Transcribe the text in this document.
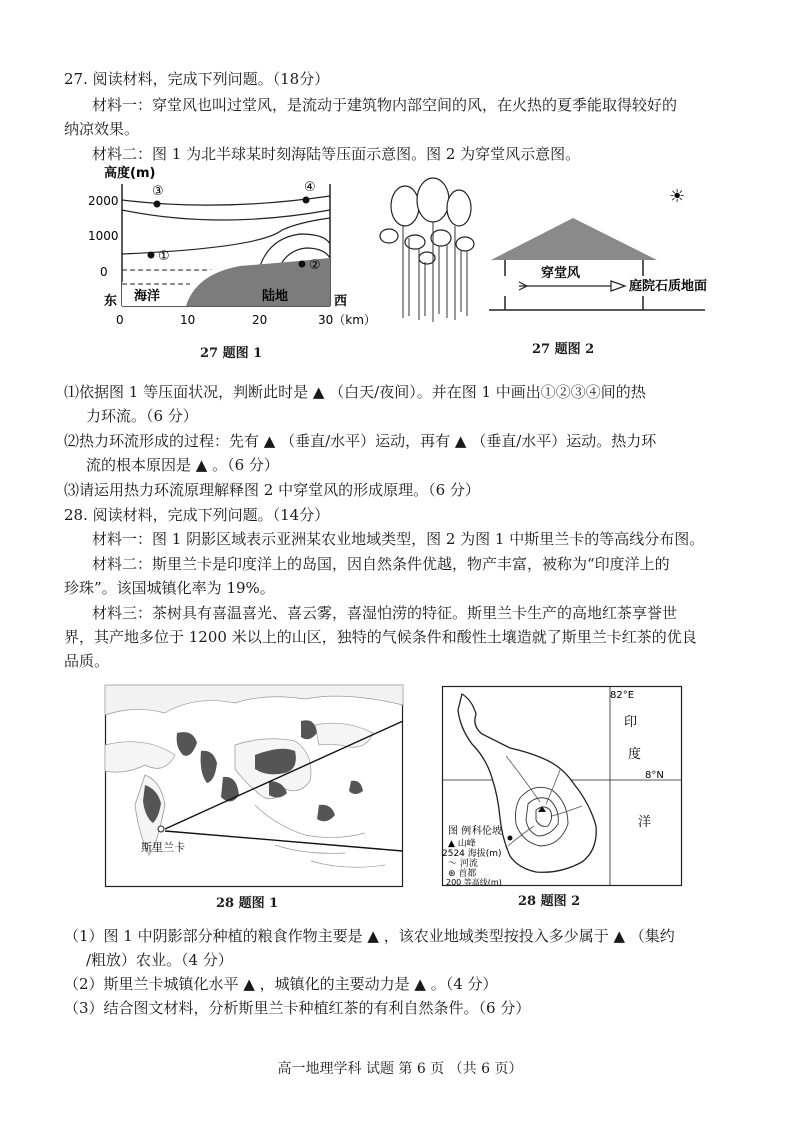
27. 阅读材料，完成下列问题。（18分）
材料一：穿堂风也叫过堂风，是流动于建筑物内部空间的风，在火热的夏季能取得较好的
纳凉效果。
材料二：图 1 为北半球某时刻海陆等压面示意图。图 2 为穿堂风示意图。
高度(m)
2000
1000
0
海洋	陆地
东	西
③	④
①
②
0	10	20	30（km）
27 题图 1
穿堂风
庭院石质地面
☀
27 题图 2
⑴依据图 1 等压面状况，判断此时是 ▲ （白天/夜间）。并在图 1 中画出①②③④间的热
力环流。（6 分）
⑵热力环流形成的过程：先有 ▲ （垂直/水平）运动，再有 ▲ （垂直/水平）运动。热力环
流的根本原因是 ▲ 。（6 分）
⑶请运用热力环流原理解释图 2 中穿堂风的形成原理。（6 分）
28. 阅读材料，完成下列问题。（14分）
材料一：图 1 阴影区域表示亚洲某农业地域类型，图 2 为图 1 中斯里兰卡的等高线分布图。
材料二：斯里兰卡是印度洋上的岛国，因自然条件优越，物产丰富，被称为“印度洋上的
珍珠”。该国城镇化率为 19%。
材料三：茶树具有喜温喜光、喜云雾，喜湿怕涝的特征。斯里兰卡生产的高地红茶享誉世
界，其产地多位于 1200 米以上的山区，独特的气候条件和酸性土壤造就了斯里兰卡红茶的优良
品质。
斯里兰卡
28 题图 1
82°E
8°N
印
度
洋
科伦坡
图 例
▲ 山峰
2524 海拔(m)
～ 河流
⊛ 首都
200 等高线(m)
28 题图 2
（1）图 1 中阴影部分种植的粮食作物主要是 ▲ ，该农业地域类型按投入多少属于 ▲ （集约
/粗放）农业。（4 分）
（2）斯里兰卡城镇化水平 ▲ ，城镇化的主要动力是 ▲ 。（4 分）
（3）结合图文材料，分析斯里兰卡种植红茶的有利自然条件。（6 分）
高一地理学科 试题 第 6 页 （共 6 页）
